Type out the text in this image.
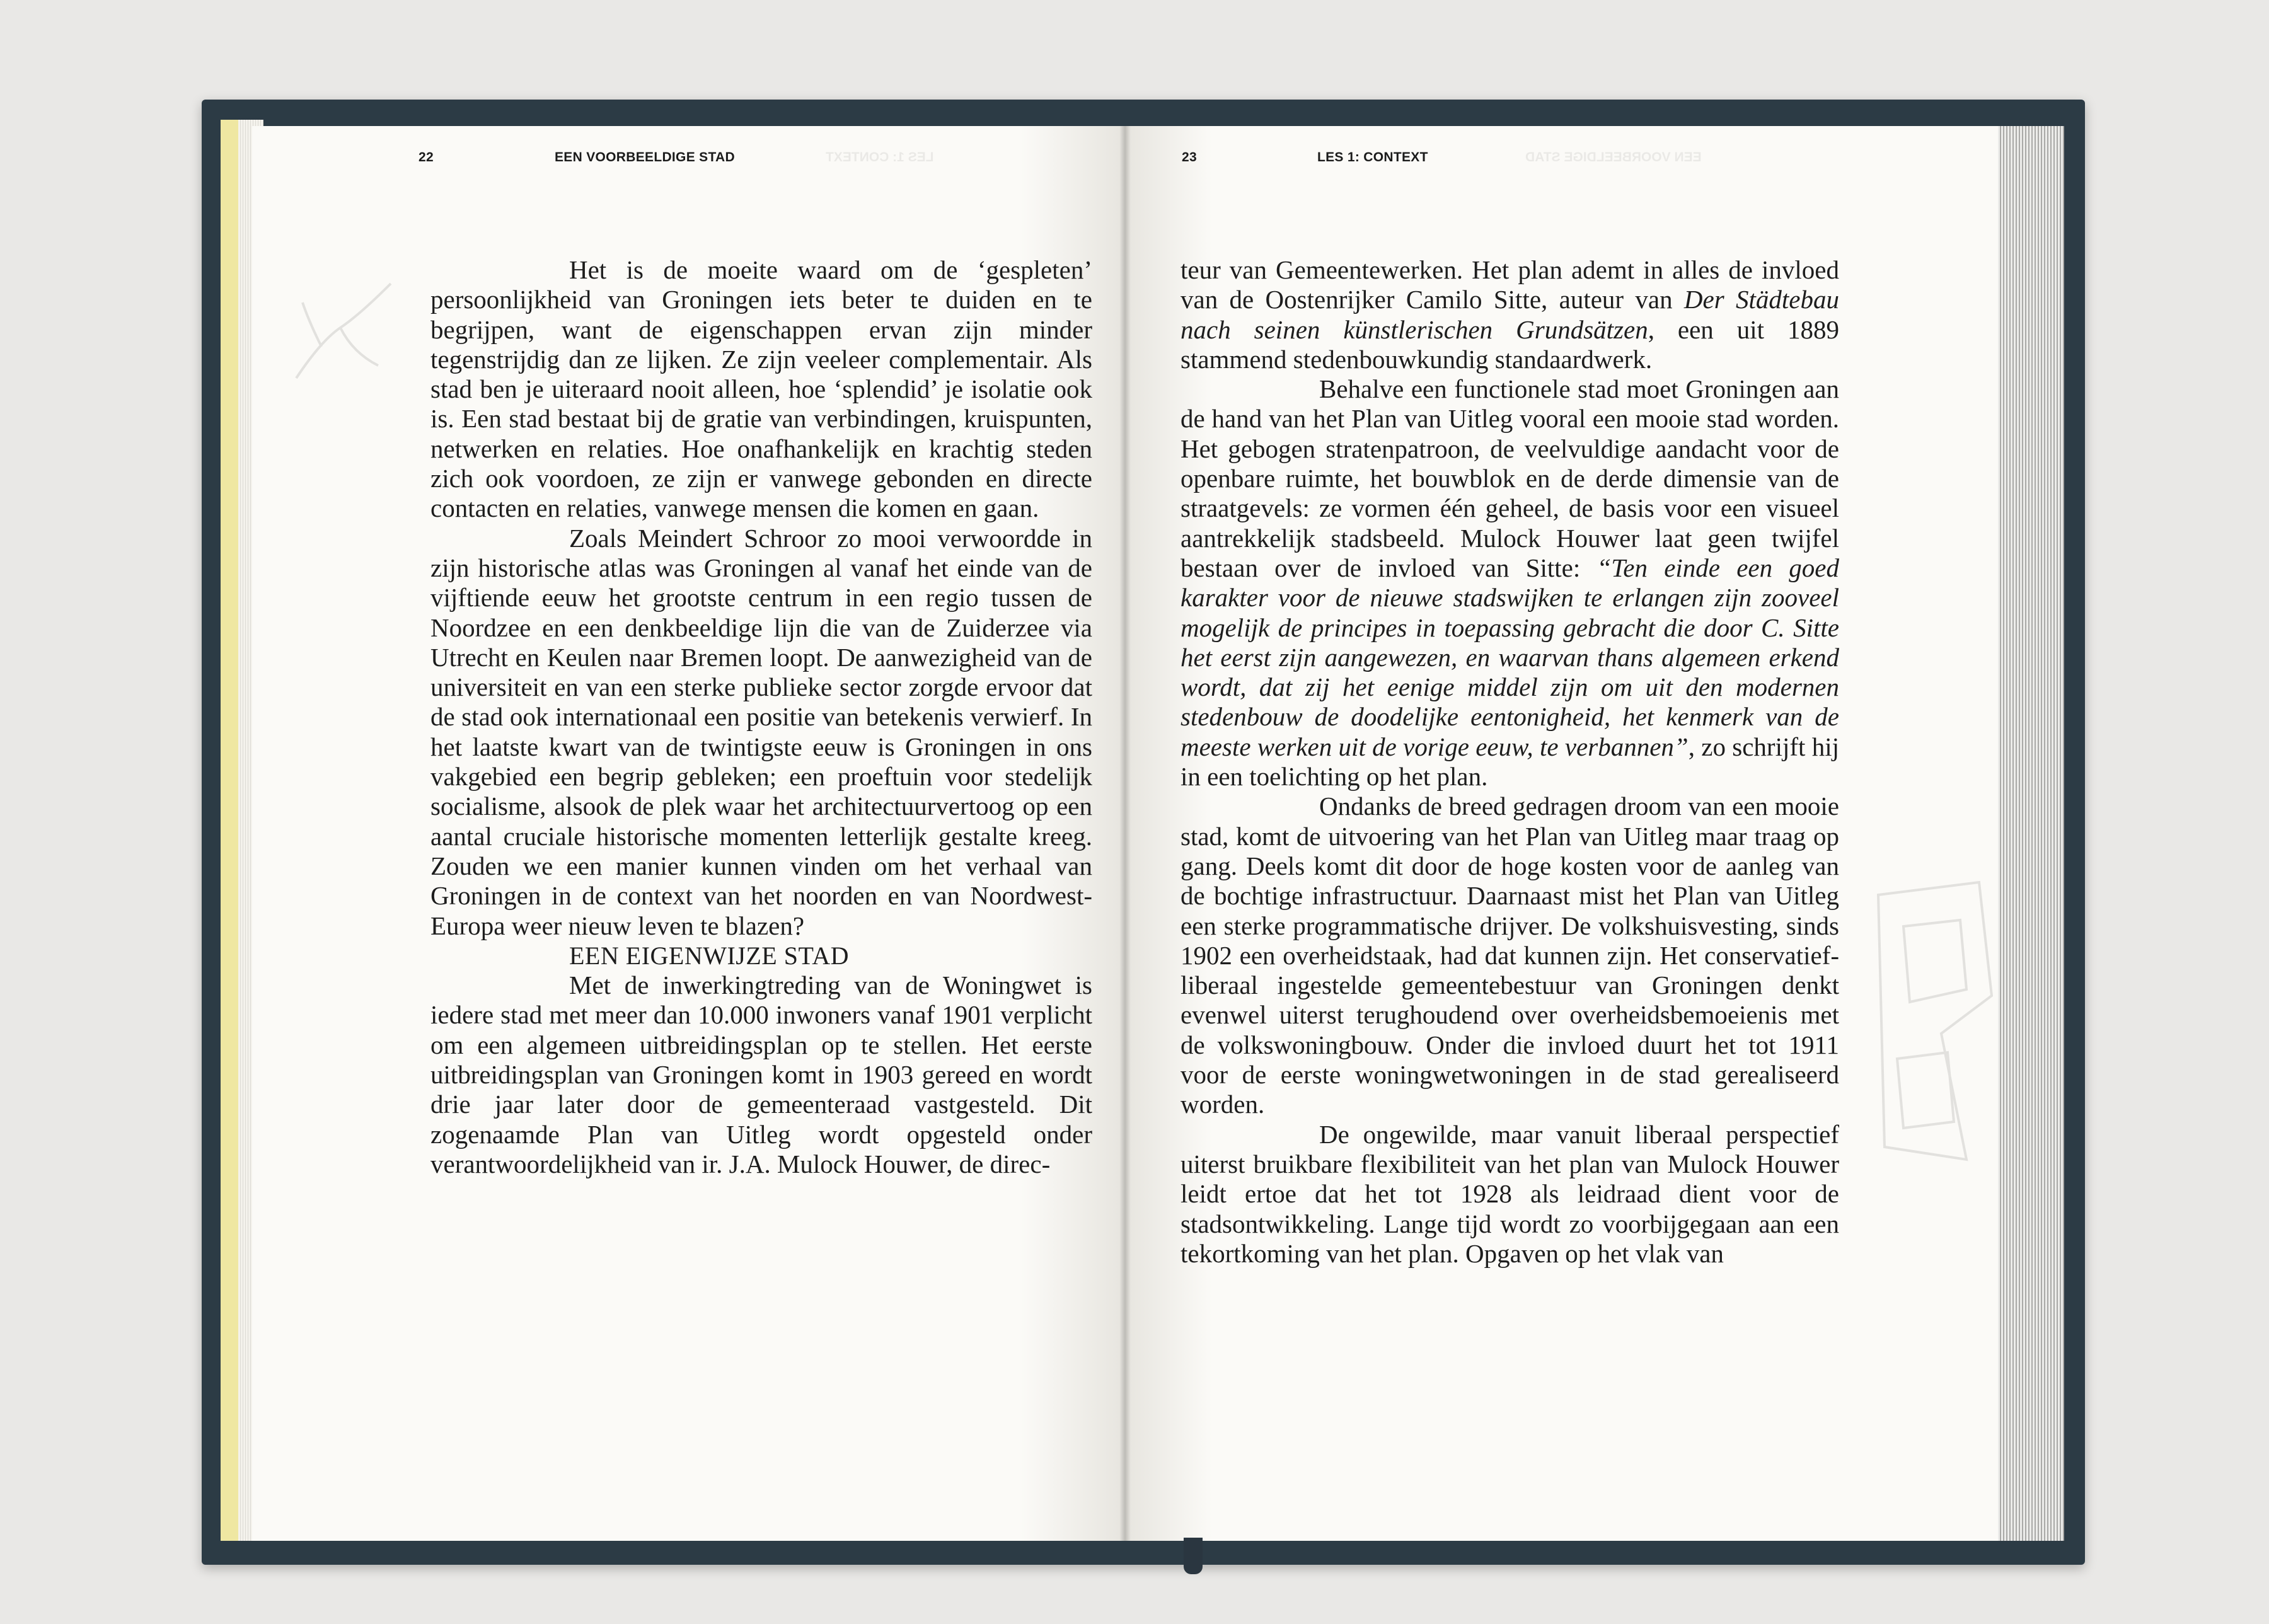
LES 1: CONTEXT	EEN VOORBEELDIGE STAD
22	EEN VOORBEELDIGE STAD	23	LES 1: CONTEXT

Het is de moeite waard om de ‘gespleten’ persoonlijkheid van Groningen iets beter te duiden en te begrijpen, want de eigenschappen ervan zijn minder tegenstrijdig dan ze lijken. Ze zijn veeleer complementair. Als stad ben je uiteraard nooit alleen, hoe ‘splendid’ je isolatie ook is. Een stad bestaat bij de gratie van verbindingen, kruispunten, netwerken en relaties. Hoe onafhankelijk en krachtig steden zich ook voordoen, ze zijn er vanwege gebonden en directe contacten en relaties, vanwege mensen die komen en gaan.

Zoals Meindert Schroor zo mooi verwoordde in zijn historische atlas was Groningen al vanaf het einde van de vijftiende eeuw het grootste centrum in een regio tussen de Noordzee en een denkbeeldige lijn die van de Zuiderzee via Utrecht en Keulen naar Bremen loopt. De aanwezigheid van de universiteit en van een sterke publieke sector zorgde ervoor dat de stad ook internationaal een positie van betekenis verwierf. In het laatste kwart van de twintigste eeuw is Groningen in ons vakgebied een begrip gebleken; een proeftuin voor stedelijk socialisme, alsook de plek waar het architectuurvertoog op een aantal cruciale historische momenten letterlijk gestalte kreeg. Zouden we een manier kunnen vinden om het verhaal van Groningen in de context van het noorden en van Noordwest-Europa weer nieuw leven te blazen?

EEN EIGENWIJZE STAD

Met de inwerkingtreding van de Woningwet is iedere stad met meer dan 10.000 inwoners vanaf 1901 verplicht om een algemeen uitbreidingsplan op te stellen. Het eerste uitbreidingsplan van Groningen komt in 1903 gereed en wordt drie jaar later door de gemeenteraad vastgesteld. Dit zogenaamde Plan van Uitleg wordt opgesteld onder verantwoordelijkheid van ir. J.A. Mulock Houwer, de direc-

teur van Gemeentewerken. Het plan ademt in alles de invloed van de Oostenrijker Camilo Sitte, auteur van Der Städtebau nach seinen künstlerischen Grundsätzen, een uit 1889 stammend stedenbouwkundig standaardwerk.

Behalve een functionele stad moet Groningen aan de hand van het Plan van Uitleg vooral een mooie stad worden. Het gebogen stratenpatroon, de veelvuldige aandacht voor de openbare ruimte, het bouwblok en de derde dimensie van de straatgevels: ze vormen één geheel, de basis voor een visueel aantrekkelijk stadsbeeld. Mulock Houwer laat geen twijfel bestaan over de invloed van Sitte: “Ten einde een goed karakter voor de nieuwe stadswijken te erlangen zijn zooveel mogelijk de principes in toepassing gebracht die door C. Sitte het eerst zijn aangewezen, en waarvan thans algemeen erkend wordt, dat zij het eenige middel zijn om uit den modernen stedenbouw de doodelijke eentonigheid, het kenmerk van de meeste werken uit de vorige eeuw, te verbannen”, zo schrijft hij in een toelichting op het plan.

Ondanks de breed gedragen droom van een mooie stad, komt de uitvoering van het Plan van Uitleg maar traag op gang. Deels komt dit door de hoge kosten voor de aanleg van de bochtige infrastructuur. Daarnaast mist het Plan van Uitleg een sterke programmatische drijver. De volkshuisvesting, sinds 1902 een overheidstaak, had dat kunnen zijn. Het conservatief-liberaal ingestelde gemeentebestuur van Groningen denkt evenwel uiterst terughoudend over overheidsbemoeienis met de volkswoningbouw. Onder die invloed duurt het tot 1911 voor de eerste woningwetwoningen in de stad gerealiseerd worden.

De ongewilde, maar vanuit liberaal perspectief uiterst bruikbare flexibiliteit van het plan van Mulock Houwer leidt ertoe dat het tot 1928 als leidraad dient voor de stadsontwikkeling. Lange tijd wordt zo voorbijgegaan aan een tekortkoming van het plan. Opgaven op het vlak van
